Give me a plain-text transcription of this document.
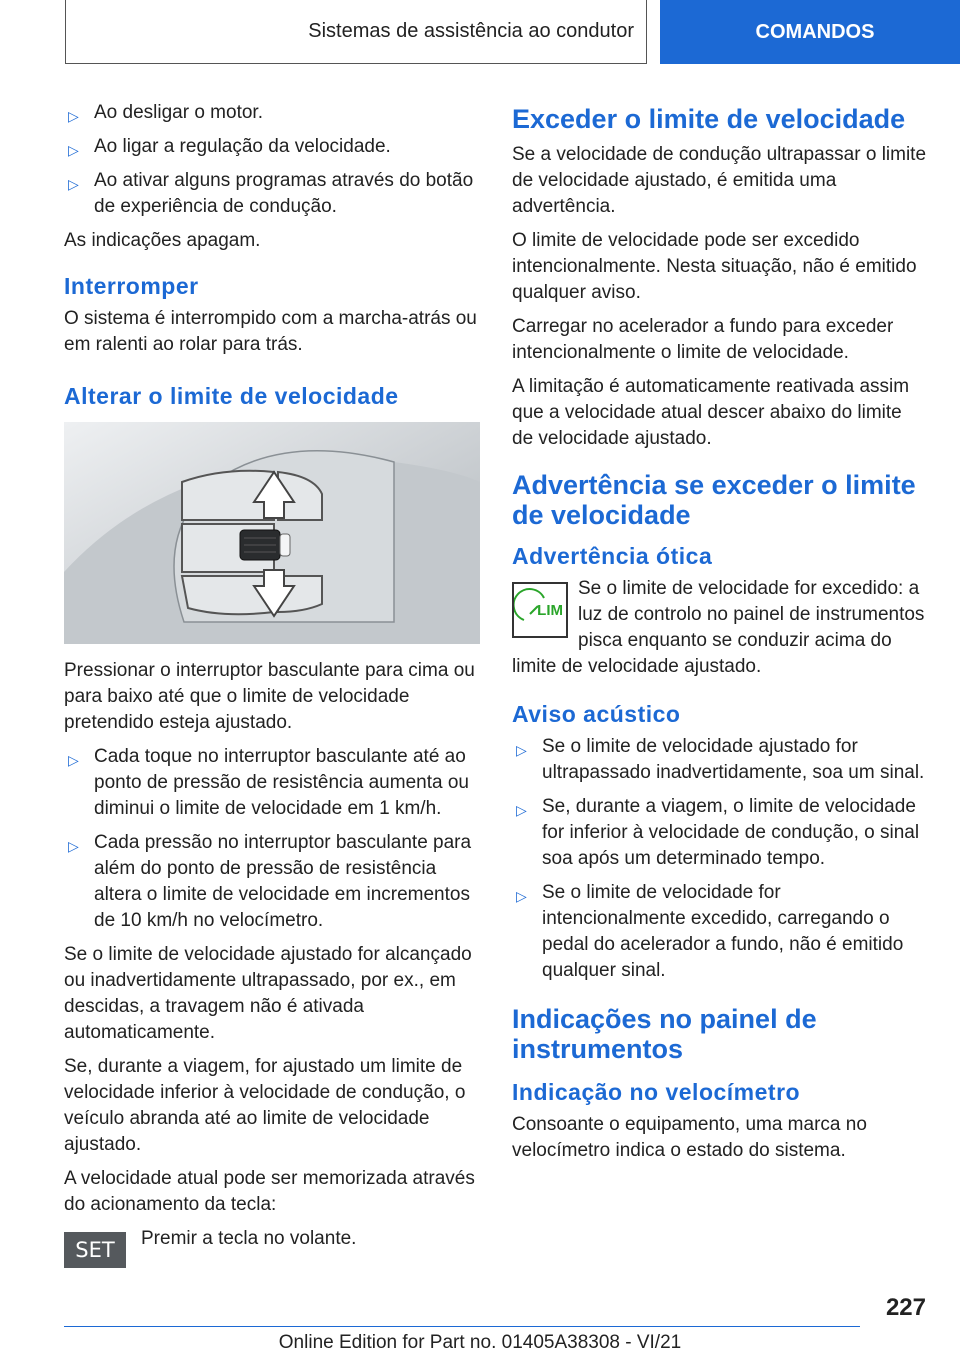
Sistemas de assistência ao condutor	COMANDOS
▷ Ao desligar o motor.
▷ Ao ligar a regulação da velocidade.
▷ Ao ativar alguns programas através do botão de experiência de condução.

As indicações apagam.

Interromper

O sistema é interrompido com a marcha-atrás ou em ralenti ao rolar para trás.

Alterar o limite de velocidade

Pressionar o interruptor basculante para cima ou para baixo até que o limite de velocidade pretendido esteja ajustado.

▷ Cada toque no interruptor basculante até ao ponto de pressão de resistência aumenta ou diminui o limite de velocidade em 1 km/h.
▷ Cada pressão no interruptor basculante para além do ponto de pressão de resistência altera o limite de velocidade em incrementos de 10 km/h no velocímetro.

Se o limite de velocidade ajustado for alcançado ou inadvertidamente ultrapassado, por ex., em descidas, a travagem não é ativada automaticamente.

Se, durante a viagem, for ajustado um limite de velocidade inferior à velocidade de condução, o veículo abranda até ao limite de velocidade ajustado.

A velocidade atual pode ser memorizada através do acionamento da tecla:

SET	Premir a tecla no volante.

Exceder o limite de velocidade

Se a velocidade de condução ultrapassar o limite de velocidade ajustado, é emitida uma advertência.

O limite de velocidade pode ser excedido intencionalmente. Nesta situação, não é emitido qualquer aviso.

Carregar no acelerador a fundo para exceder intencionalmente o limite de velocidade.

A limitação é automaticamente reativada assim que a velocidade atual descer abaixo do limite de velocidade ajustado.

Advertência se exceder o limite de velocidade
Advertência ótica
LIM

Se o limite de velocidade for excedido: a luz de controlo no painel de instrumentos pisca enquanto se conduzir acima do limite de velocidade ajustado.

Aviso acústico
▷ Se o limite de velocidade ajustado for ultrapassado inadvertidamente, soa um sinal.
▷ Se, durante a viagem, o limite de velocidade for inferior à velocidade de condução, o sinal soa após um determinado tempo.
▷ Se o limite de velocidade for intencionalmente excedido, carregando o pedal do acelerador a fundo, não é emitido qualquer sinal.
Indicações no painel de instrumentos
Indicação no velocímetro

Consoante o equipamento, uma marca no velocímetro indica o estado do sistema.

227
Online Edition for Part no. 01405A38308 - VI/21
